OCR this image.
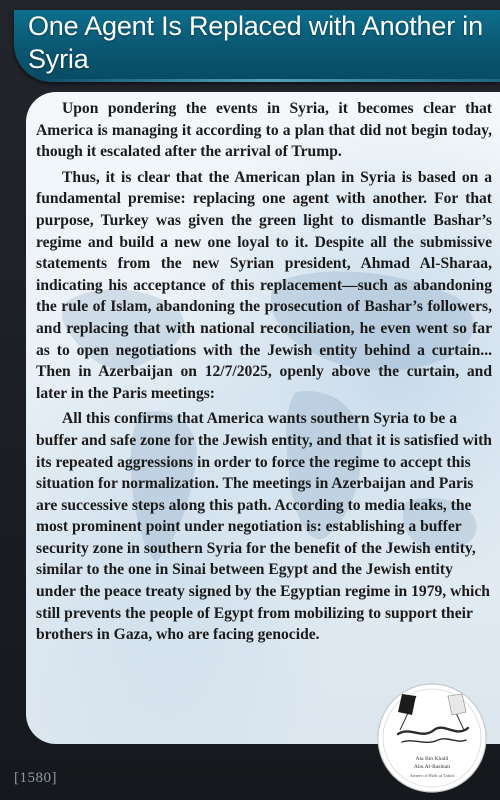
One Agent Is Replaced with Another in Syria

Upon pondering the events in Syria, it becomes clear that America is managing it according to a plan that did not begin today, though it escalated after the arrival of Trump.

Thus, it is clear that the American plan in Syria is based on a fundamental premise: replacing one agent with another. For that purpose, Turkey was given the green light to dismantle Bashar’s regime and build a new one loyal to it. Despite all the submissive statements from the new Syrian president, Ahmad Al-Sharaa, indicating his acceptance of this replacement—such as abandoning the rule of Islam, abandoning the prosecution of Bashar’s followers, and replacing that with national reconciliation, he even went so far as to open negotiations with the Jewish entity behind a curtain... Then in Azerbaijan on 12/7/2025, openly above the curtain, and later in the Paris meetings:

All this confirms that America wants southern Syria to be a buffer and safe zone for the Jewish entity, and that it is satisfied with its repeated aggressions in order to force the regime to accept this situation for normalization. The meetings in Azerbaijan and Paris are successive steps along this path. According to media leaks, the most prominent point under negotiation is: establishing a buffer security zone in southern Syria for the benefit of the Jewish entity, similar to the one in Sinai between Egypt and the Jewish entity under the peace treaty signed by the Egyptian regime in 1979, which still prevents the people of Egypt from mobilizing to support their brothers in Gaza, who are facing genocide.

Ata Bin Khalil
Abu Al-Rashtah
Ameer of Hizb ut Tahrir
[1580]
